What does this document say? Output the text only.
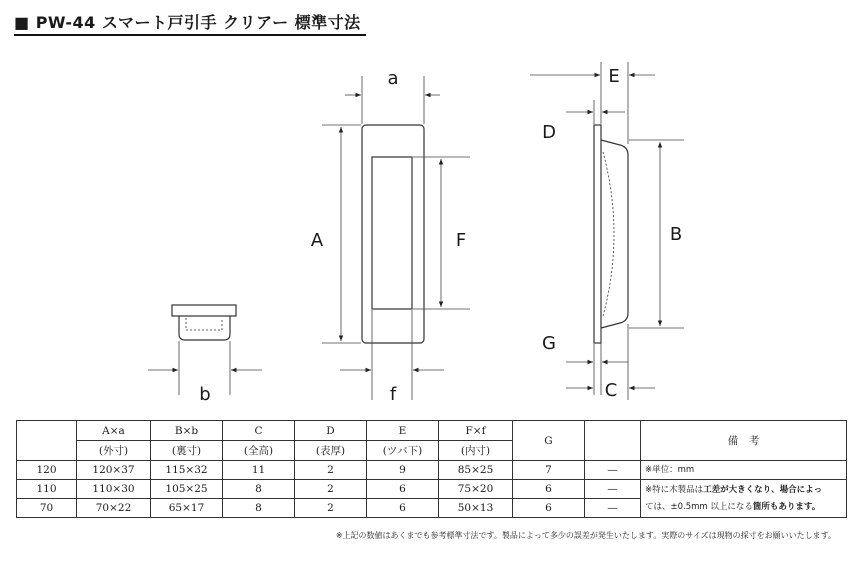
■ PW-44 スマート戸引手 クリアー 標準寸法
a
A	F
f
b
E
D
B
G
C
	A×a	B×b	C	D	E	F×f	G		備　考
	(外寸)	(裏寸)	(全高)	(表厚)	(ツバ下)	(内寸)			
120	120×37	115×32	11	2	9	85×25	7	—	※単位：mm
110	110×30	105×25	8	2	6	75×20	6	—	※特に木製品は工差が大きくなり、場合によっ
ては、±0.5mm 以上になる箇所もあります。
70	70×22	65×17	8	2	6	50×13	6	—	
※上記の数値はあくまでも参考標準寸法です。製品によって多少の誤差が発生いたします。実際のサイズは現物の採寸をお願いいたします。
